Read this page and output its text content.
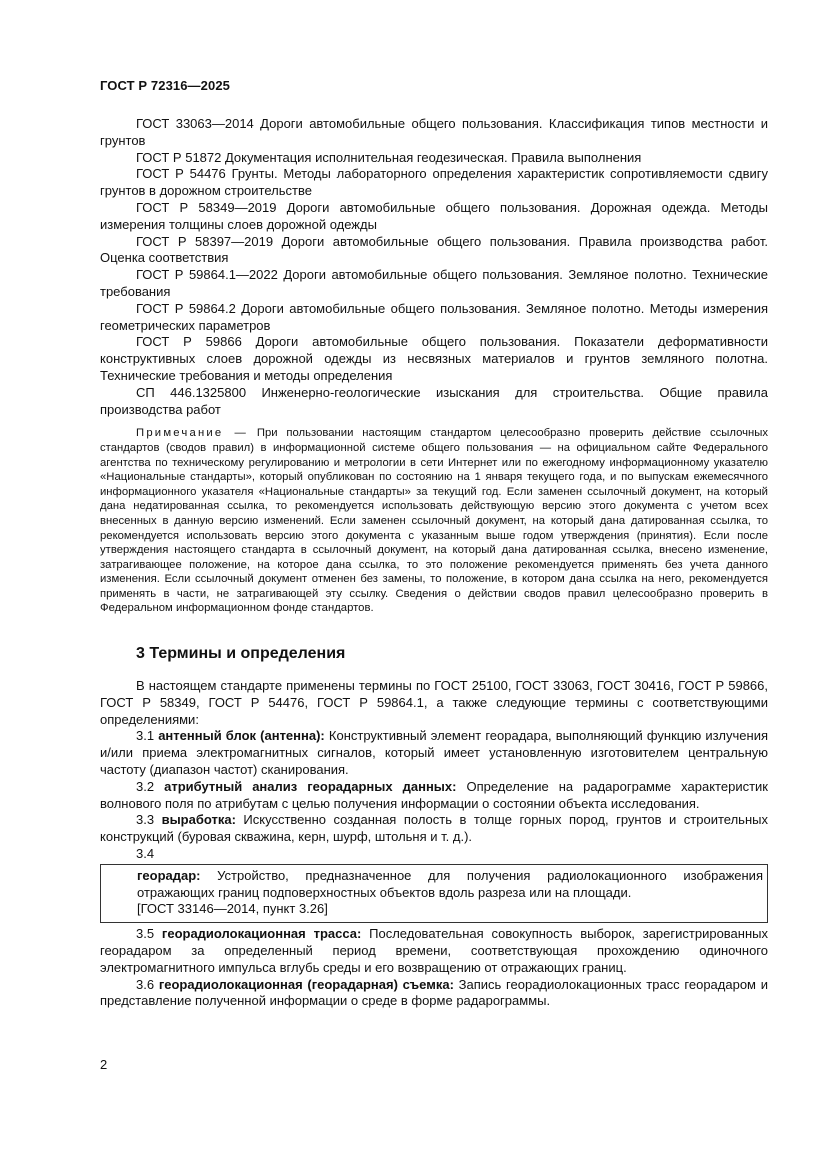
ГОСТ Р 72316—2025

ГОСТ 33063—2014 Дороги автомобильные общего пользования. Классификация типов местности и грунтов

ГОСТ Р 51872 Документация исполнительная геодезическая. Правила выполнения

ГОСТ Р 54476 Грунты. Методы лабораторного определения характеристик сопротивляемости сдвигу грунтов в дорожном строительстве

ГОСТ Р 58349—2019 Дороги автомобильные общего пользования. Дорожная одежда. Методы измерения толщины слоев дорожной одежды

ГОСТ Р 58397—2019 Дороги автомобильные общего пользования. Правила производства работ. Оценка соответствия

ГОСТ Р 59864.1—2022 Дороги автомобильные общего пользования. Земляное полотно. Технические требования

ГОСТ Р 59864.2 Дороги автомобильные общего пользования. Земляное полотно. Методы измерения геометрических параметров

ГОСТ Р 59866 Дороги автомобильные общего пользования. Показатели деформативности конструктивных слоев дорожной одежды из несвязных материалов и грунтов земляного полотна. Технические требования и методы определения

СП 446.1325800 Инженерно-геологические изыскания для строительства. Общие правила производства работ

Примечание — При пользовании настоящим стандартом целесообразно проверить действие ссылочных стандартов (сводов правил) в информационной системе общего пользования — на официальном сайте Федерального агентства по техническому регулированию и метрологии в сети Интернет или по ежегодному информационному указателю «Национальные стандарты», который опубликован по состоянию на 1 января текущего года, и по выпускам ежемесячного информационного указателя «Национальные стандарты» за текущий год. Если заменен ссылочный документ, на который дана недатированная ссылка, то рекомендуется использовать действующую версию этого документа с учетом всех внесенных в данную версию изменений. Если заменен ссылочный документ, на который дана датированная ссылка, то рекомендуется использовать версию этого документа с указанным выше годом утверждения (принятия). Если после утверждения настоящего стандарта в ссылочный документ, на который дана датированная ссылка, внесено изменение, затрагивающее положение, на которое дана ссылка, то это положение рекомендуется применять без учета данного изменения. Если ссылочный документ отменен без замены, то положение, в котором дана ссылка на него, рекомендуется применять в части, не затрагивающей эту ссылку. Сведения о действии сводов правил целесообразно проверить в Федеральном информационном фонде стандартов.

3 Термины и определения

В настоящем стандарте применены термины по ГОСТ 25100, ГОСТ 33063, ГОСТ 30416, ГОСТ Р 59866, ГОСТ Р 58349, ГОСТ Р 54476, ГОСТ Р 59864.1, а также следующие термины с соответствующими определениями:

3.1 антенный блок (антенна): Конструктивный элемент георадара, выполняющий функцию излучения и/или приема электромагнитных сигналов, который имеет установленную изготовителем центральную частоту (диапазон частот) сканирования.

3.2 атрибутный анализ георадарных данных: Определение на радарограмме характеристик волнового поля по атрибутам с целью получения информации о состоянии объекта исследования.

3.3 выработка: Искусственно созданная полость в толще горных пород, грунтов и строительных конструкций (буровая скважина, керн, шурф, штольня и т. д.).

3.4

георадар: Устройство, предназначенное для получения радиолокационного изображения отражающих границ подповерхностных объектов вдоль разреза или на площади.

[ГОСТ 33146—2014, пункт 3.26]

3.5 георадиолокационная трасса: Последовательная совокупность выборок, зарегистрированных георадаром за определенный период времени, соответствующая прохождению одиночного электромагнитного импульса вглубь среды и его возвращению от отражающих границ.

3.6 георадиолокационная (георадарная) съемка: Запись георадиолокационных трасс георадаром и представление полученной информации о среде в форме радарограммы.

2
